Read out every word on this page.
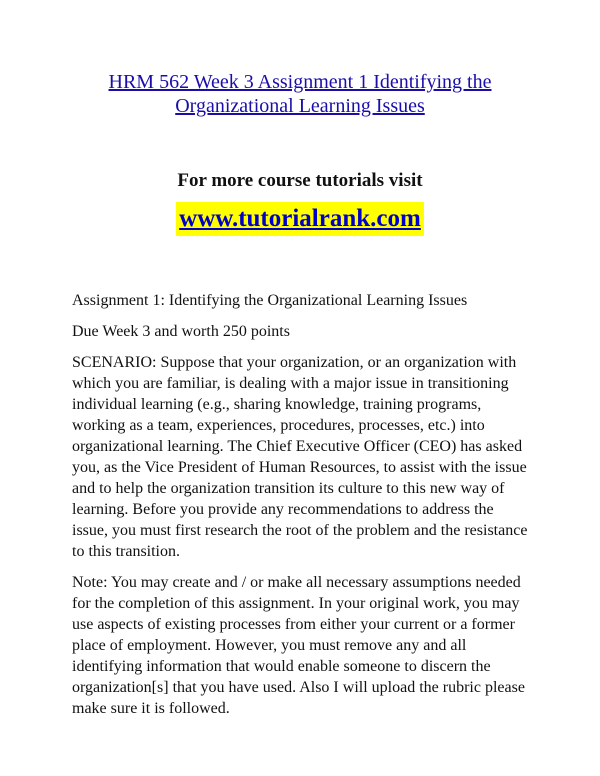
HRM 562 Week 3 Assignment 1 Identifying the
Organizational Learning Issues
For more course tutorials visit
www.tutorialrank.com

Assignment 1: Identifying the Organizational Learning Issues

Due Week 3 and worth 250 points

SCENARIO: Suppose that your organization, or an organization with which you are familiar, is dealing with a major issue in transitioning individual learning (e.g., sharing knowledge, training programs, working as a team, experiences, procedures, processes, etc.) into organizational learning. The Chief Executive Officer (CEO) has asked you, as the Vice President of Human Resources, to assist with the issue and to help the organization transition its culture to this new way of learning. Before you provide any recommendations to address the issue, you must first research the root of the problem and the resistance to this transition.

Note: You may create and / or make all necessary assumptions needed for the completion of this assignment. In your original work, you may use aspects of existing processes from either your current or a former place of employment. However, you must remove any and all identifying information that would enable someone to discern the organization[s] that you have used. Also I will upload the rubric please make sure it is followed.
